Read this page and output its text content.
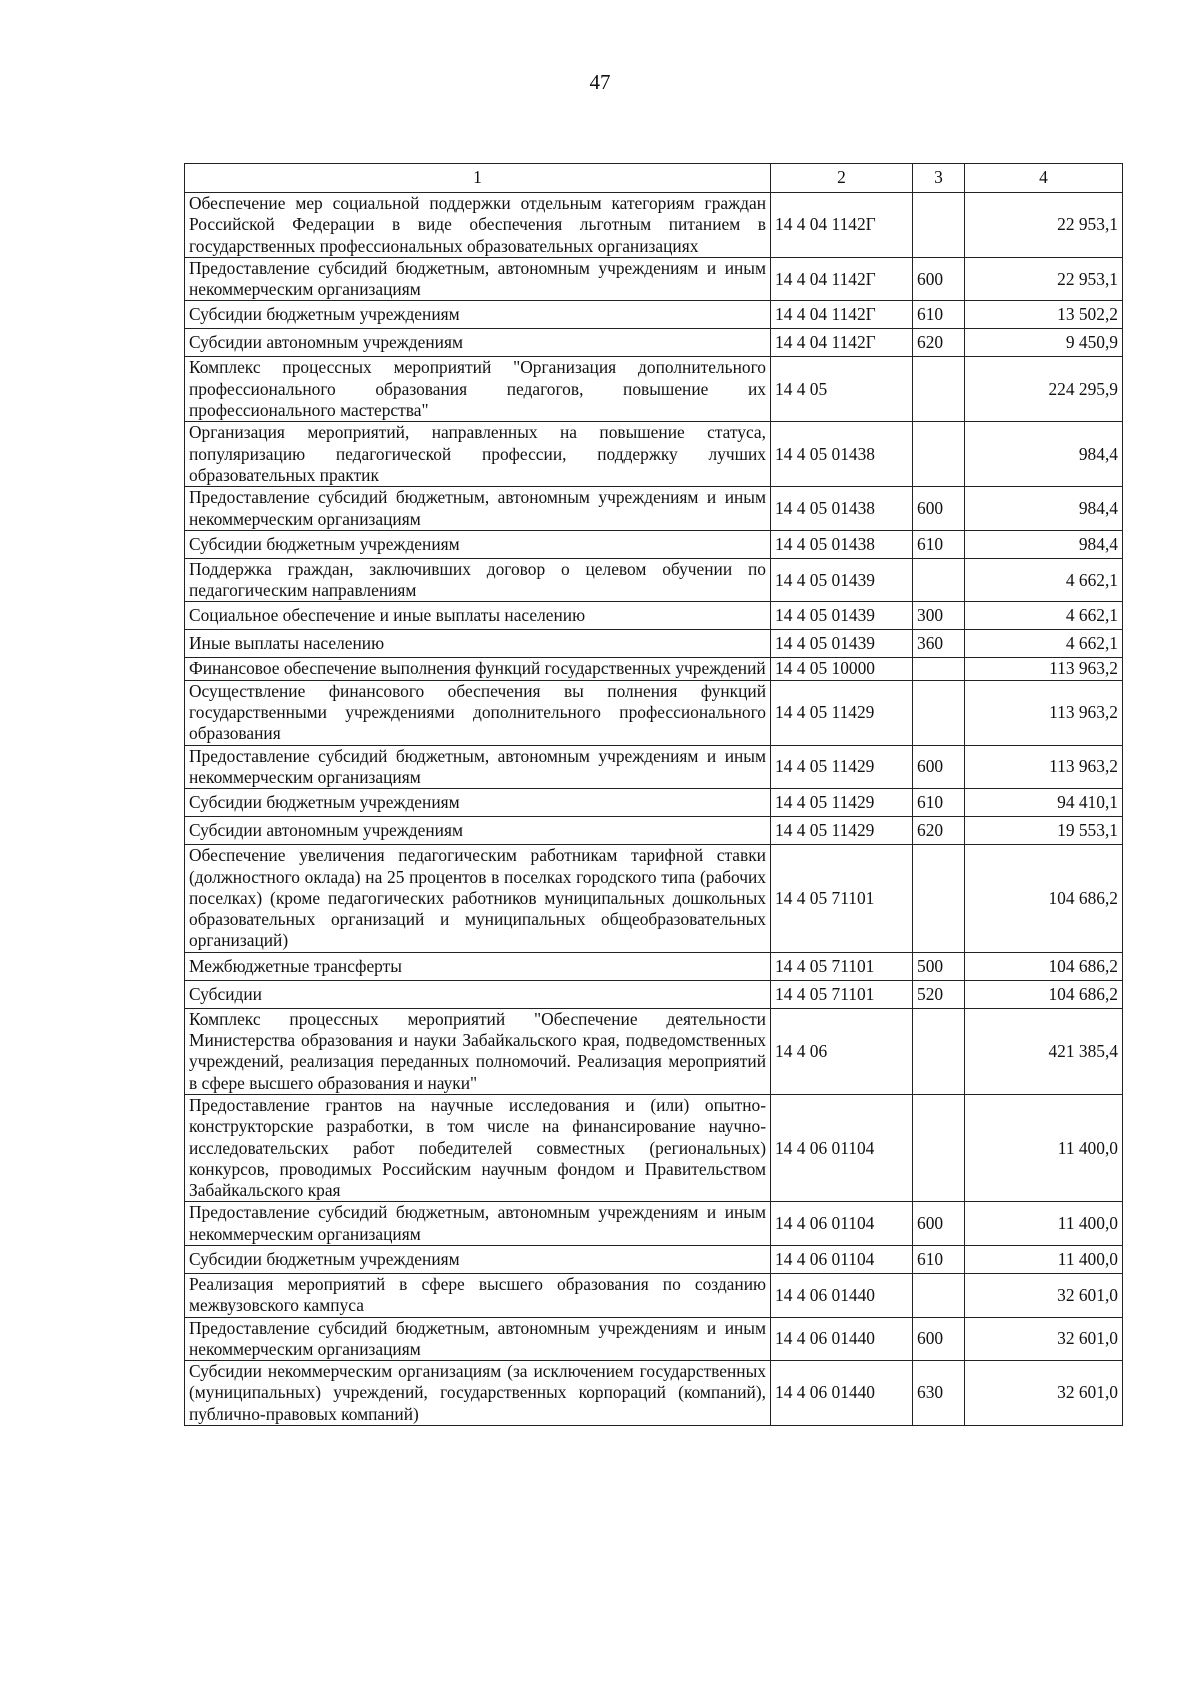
47
1	2	3	4
Обеспечение мер социальной поддержки отдельным категориям граждан Российской Федерации в виде обеспечения льготным питанием в государственных профессиональных образовательных организациях	14 4 04 1142Г		22 953,1
Предоставление субсидий бюджетным, автономным учреждениям и иным некоммерческим организациям	14 4 04 1142Г	600	22 953,1
Субсидии бюджетным учреждениям	14 4 04 1142Г	610	13 502,2
Субсидии автономным учреждениям	14 4 04 1142Г	620	9 450,9
Комплекс процессных мероприятий "Организация дополнительного профессионального образования педагогов, повышение их профессионального мастерства"	14 4 05		224 295,9
Организация мероприятий, направленных на повышение статуса, популяризацию педагогической профессии, поддержку лучших образовательных практик	14 4 05 01438		984,4
Предоставление субсидий бюджетным, автономным учреждениям и иным некоммерческим организациям	14 4 05 01438	600	984,4
Субсидии бюджетным учреждениям	14 4 05 01438	610	984,4
Поддержка граждан, заключивших договор о целевом обучении по педагогическим направлениям	14 4 05 01439		4 662,1
Социальное обеспечение и иные выплаты населению	14 4 05 01439	300	4 662,1
Иные выплаты населению	14 4 05 01439	360	4 662,1
Финансовое обеспечение выполнения функций государственных учреждений	14 4 05 10000		113 963,2
Осуществление финансового обеспечения вы полнения функций государственными учреждениями дополнительного профессионального образования	14 4 05 11429		113 963,2
Предоставление субсидий бюджетным, автономным учреждениям и иным некоммерческим организациям	14 4 05 11429	600	113 963,2
Субсидии бюджетным учреждениям	14 4 05 11429	610	94 410,1
Субсидии автономным учреждениям	14 4 05 11429	620	19 553,1
Обеспечение увеличения педагогическим работникам тарифной ставки (должностного оклада) на 25 процентов в поселках городского типа (рабочих поселках) (кроме педагогических работников муниципальных дошкольных образовательных организаций и муниципальных общеобразовательных организаций)	14 4 05 71101		104 686,2
Межбюджетные трансферты	14 4 05 71101	500	104 686,2
Субсидии	14 4 05 71101	520	104 686,2
Комплекс процессных мероприятий "Обеспечение деятельности Министерства образования и науки Забайкальского края, подведомственных учреждений, реализация переданных полномочий. Реализация мероприятий в сфере высшего образования и науки"	14 4 06		421 385,4
Предоставление грантов на научные исследования и (или) опытно-конструкторские разработки, в том числе на финансирование научно-исследовательских работ победителей совместных (региональных) конкурсов, проводимых Российским научным фондом и Правительством Забайкальского края	14 4 06 01104		11 400,0
Предоставление субсидий бюджетным, автономным учреждениям и иным некоммерческим организациям	14 4 06 01104	600	11 400,0
Субсидии бюджетным учреждениям	14 4 06 01104	610	11 400,0
Реализация мероприятий в сфере высшего образования по созданию межвузовского кампуса	14 4 06 01440		32 601,0
Предоставление субсидий бюджетным, автономным учреждениям и иным некоммерческим организациям	14 4 06 01440	600	32 601,0
Субсидии некоммерческим организациям (за исключением государственных (муниципальных) учреждений, государственных корпораций (компаний), публично-правовых компаний)	14 4 06 01440	630	32 601,0
